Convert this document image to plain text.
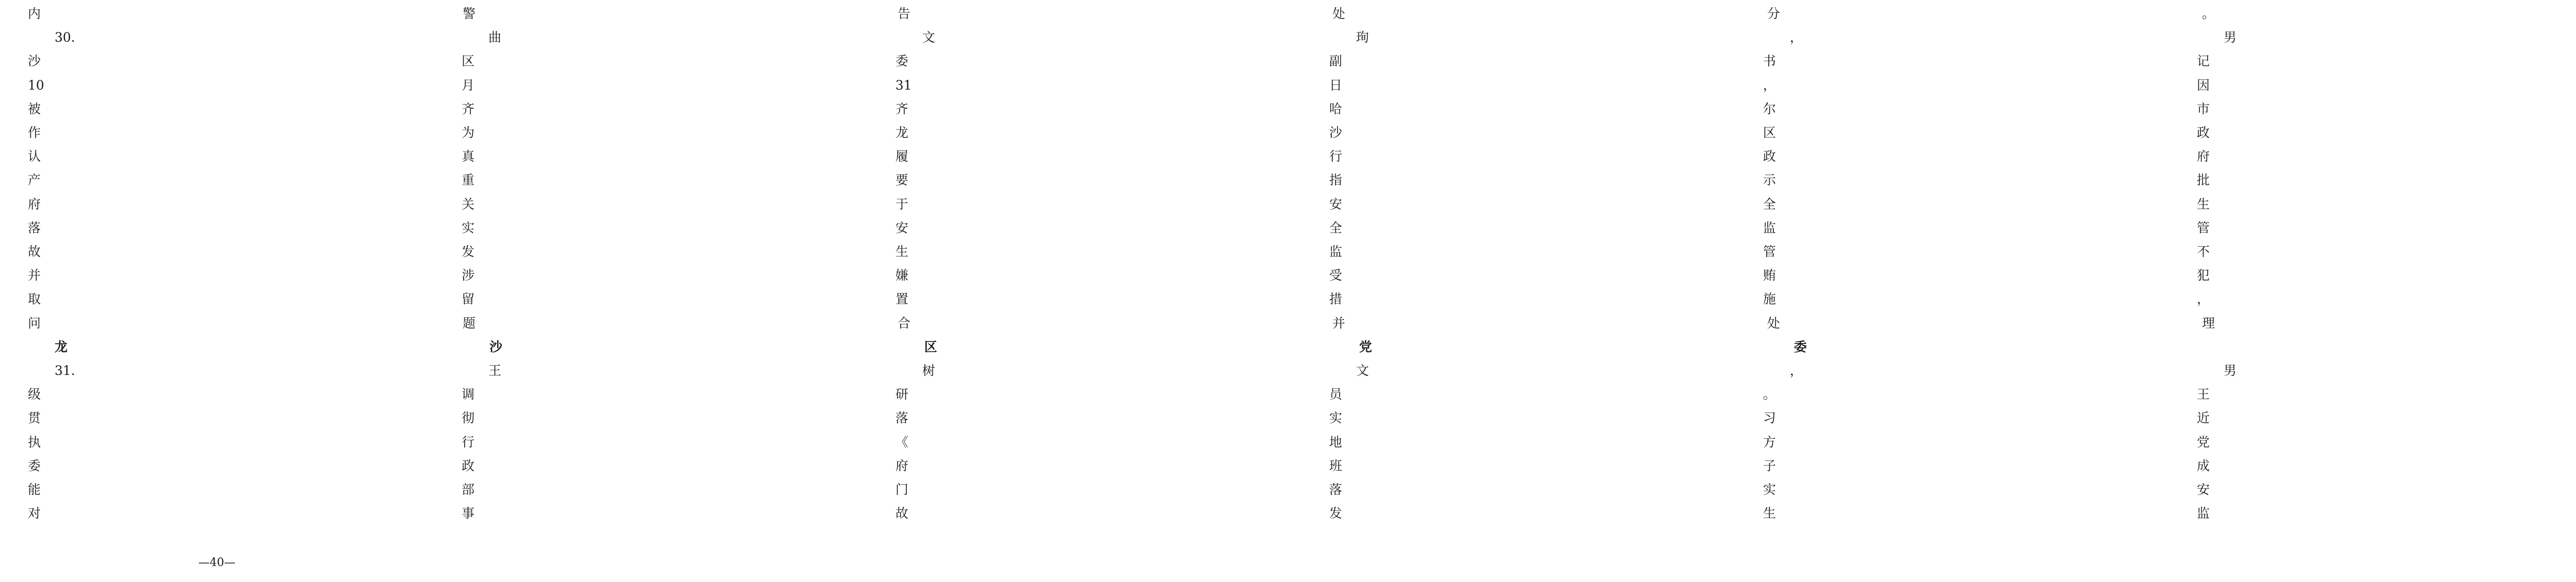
内	警	告	处	分	。
30.	曲	文	珣	，	男
沙	区	委	副	书	记
10	月	31	日	，	因
被	齐	齐	哈	尔	市
作	为	龙	沙	区	政
认	真	履	行	政	府
产	重	要	指	示	批
府	关	于	安	全	生
落	实	安	全	监	管
故	发	生	监	管	不
并	涉	嫌	受	贿	犯
取	留	置	措	施	，
问	题	合	并	处	理
龙	沙	区	党	委
31.	王	树	文	，	男
级	调	研	员	。	王
贯	彻	落	实	习	近
执	行	《	地	方	党
委	政	府	班	子	成
能	部	门	落	实	安
对	事	故	发	生	监
—40—
